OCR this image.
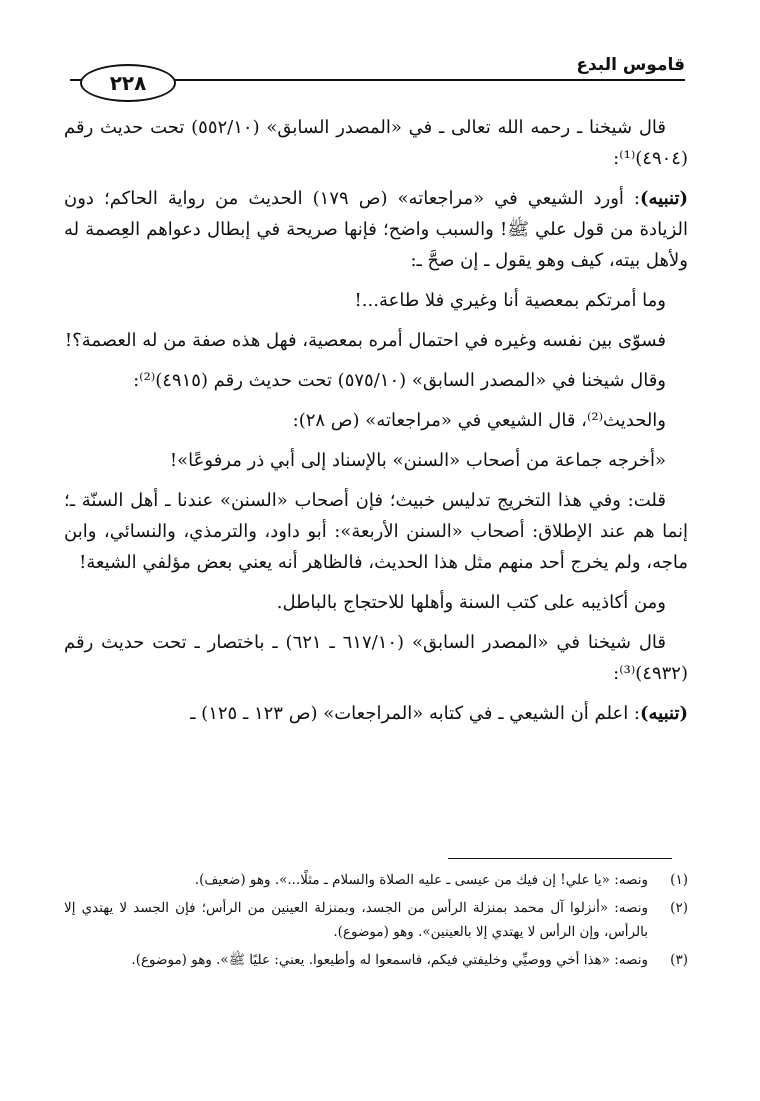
قاموس البدع
٢٢٨

قال شيخنا ـ رحمه الله تعالى ـ في «المصدر السابق» (٥٥٢/١٠) تحت حديث رقم (٤٩٠٤)⁽¹⁾:

(تنبيه): أورد الشيعي في «مراجعاته» (ص ١٧٩) الحديث من رواية الحاكم؛ دون الزيادة من قول علي ﷺ! والسبب واضح؛ فإنها صريحة في إبطال دعواهم العِصمة له ولأهل بيته، كيف وهو يقول ـ إن صحَّ ـ:

وما أمرتكم بمعصية أنا وغيري فلا طاعة...!

فسوّى بين نفسه وغيره في احتمال أمره بمعصية، فهل هذه صفة من له العصمة؟!

وقال شيخنا في «المصدر السابق» (٥٧٥/١٠) تحت حديث رقم (٤٩١٥)⁽²⁾:

والحديث⁽²⁾، قال الشيعي في «مراجعاته» (ص ٢٨):

«أخرجه جماعة من أصحاب «السنن» بالإسناد إلى أبي ذر مرفوعًا»!

قلت: وفي هذا التخريج تدليس خبيث؛ فإن أصحاب «السنن» عندنا ـ أهل السنّة ـ؛ إنما هم عند الإطلاق: أصحاب «السنن الأربعة»: أبو داود، والترمذي، والنسائي، وابن ماجه، ولم يخرج أحد منهم مثل هذا الحديث، فالظاهر أنه يعني بعض مؤلفي الشيعة!

ومن أكاذيبه على كتب السنة وأهلها للاحتجاج بالباطل.

قال شيخنا في «المصدر السابق» (٦١٧/١٠ ـ ٦٢١) ـ باختصار ـ تحت حديث رقم (٤٩٣٢)⁽³⁾:

(تنبيه): اعلم أن الشيعي ـ في كتابه «المراجعات» (ص ١٢٣ ـ ١٢٥) ـ

(١)
ونصه: «يا علي! إن فيك من عيسى ـ عليه الصلاة والسلام ـ مثلًا...». وهو (ضعيف).
(٢)
ونصه: «أنزلوا آل محمد بمنزلة الرأس من الجسد، وبمنزلة العينين من الرأس؛ فإن الجسد لا يهتدي إلا بالرأس، وإن الرأس لا يهتدي إلا بالعينين». وهو (موضوع).
(٣)
ونصه: «هذا أخي ووصيِّي وخليفتي فيكم، فاسمعوا له وأطيعوا. يعني: عليًا ﷺ». وهو (موضوع).
